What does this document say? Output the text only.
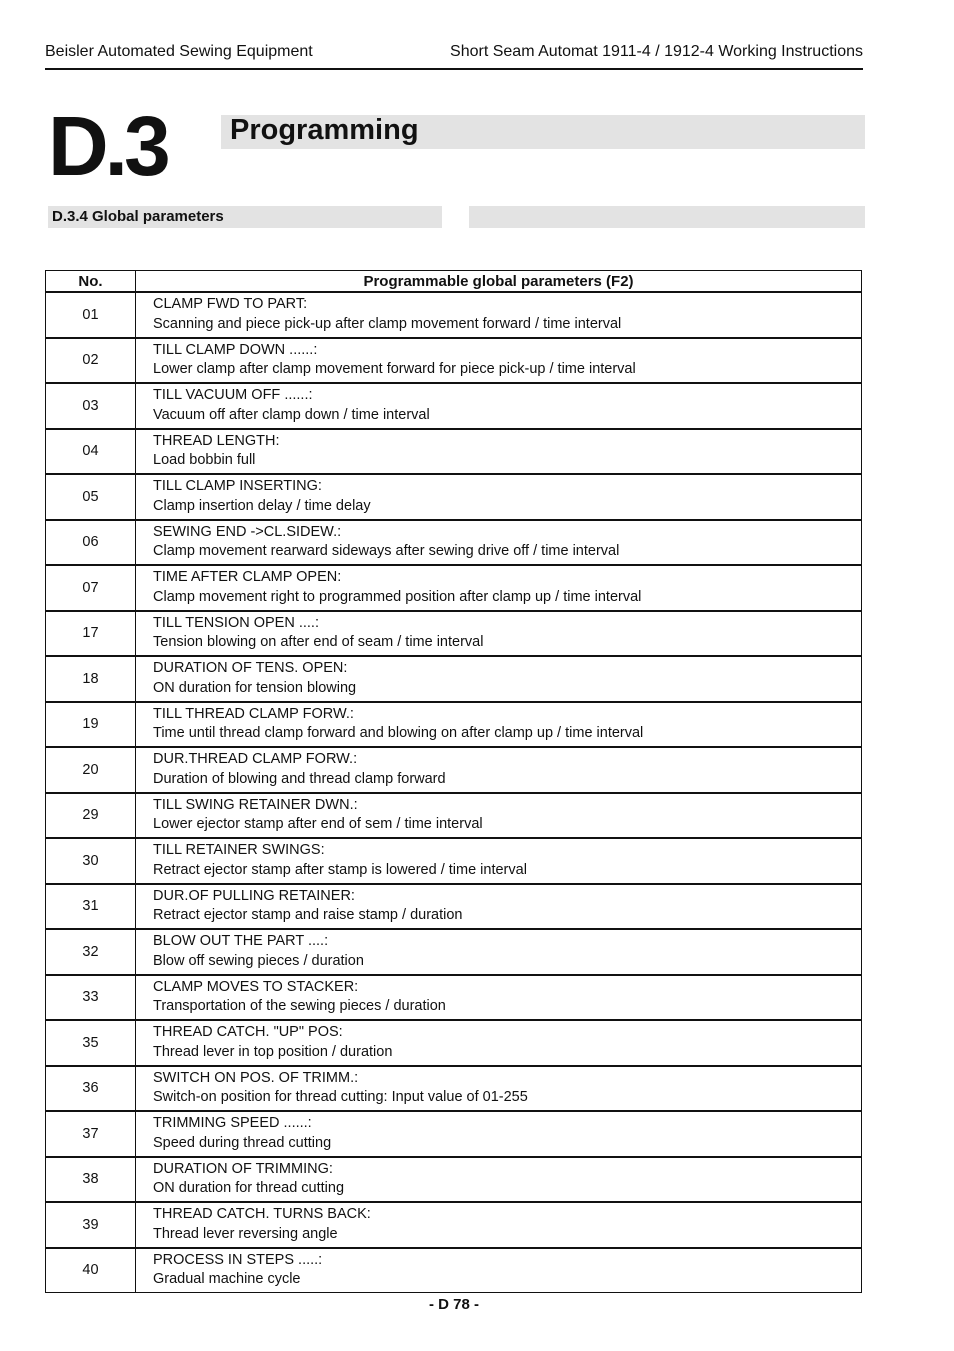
Beisler Automated Sewing Equipment	Short Seam Automat 1911-4 / 1912-4 Working Instructions
D.3 Programming
D.3.4 Global parameters
No.	Programmable global parameters (F2)
01	CLAMP FWD TO PART:
Scanning and piece pick-up after clamp movement forward / time interval

02	TILL CLAMP DOWN ......:
Lower clamp after clamp movement forward for piece pick-up / time interval

03	TILL VACUUM OFF ......:
Vacuum off after clamp down / time interval

04	THREAD LENGTH:
Load bobbin full

05	TILL CLAMP INSERTING:
Clamp insertion delay / time delay

06	SEWING END ->CL.SIDEW.:
Clamp movement rearward sideways after sewing drive off / time interval

07	TIME AFTER CLAMP OPEN:
Clamp movement right to programmed position after clamp up / time interval

17	TILL TENSION OPEN ....:
Tension blowing on after end of seam / time interval

18	DURATION OF TENS. OPEN:
ON duration for tension blowing

19	TILL THREAD CLAMP FORW.:
Time until thread clamp forward and blowing on after clamp up / time interval

20	DUR.THREAD CLAMP FORW.:
Duration of blowing and thread clamp forward

29	TILL SWING RETAINER DWN.:
Lower ejector stamp after end of sem / time interval

30	TILL RETAINER SWINGS:
Retract ejector stamp after stamp is lowered / time interval

31	DUR.OF PULLING RETAINER:
Retract ejector stamp and raise stamp / duration

32	BLOW OUT THE PART ....:
Blow off sewing pieces / duration

33	CLAMP MOVES TO STACKER:
Transportation of the sewing pieces / duration

35	THREAD CATCH. "UP" POS:
Thread lever in top position / duration

36	SWITCH ON POS. OF TRIMM.:
Switch-on position for thread cutting: Input value of 01-255

37	TRIMMING SPEED ......:
Speed during thread cutting

38	DURATION OF TRIMMING:
ON duration for thread cutting

39	THREAD CATCH. TURNS BACK:
Thread lever reversing angle

40	PROCESS IN STEPS .....:
Gradual machine cycle
- D 78 -
